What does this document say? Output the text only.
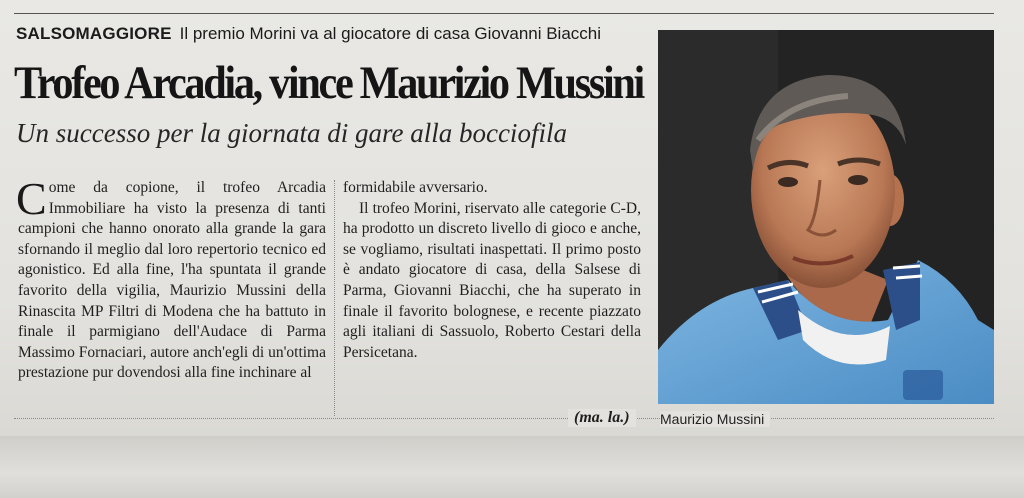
SALSOMAGGIORE Il premio Morini va al giocatore di casa Giovanni Biacchi
Trofeo Arcadia, vince Maurizio Mussini
Un successo per la giornata di gare alla bocciofila

Come da copione, il trofeo Arcadia Immobiliare ha visto la presenza di tanti campioni che hanno onorato alla grande la gara sfornando il meglio dal loro repertorio tecnico ed agonistico. Ed alla fine, l'ha spuntata il grande favorito della vigilia, Maurizio Mussini della Rinascita MP Filtri di Modena che ha battuto in finale il parmigiano dell'Audace di Parma Massimo Fornaciari, autore anch'egli di un'ottima prestazione pur dovendosi alla fine inchinare al

formidabile avversario.

Il trofeo Morini, riservato alle categorie C-D, ha prodotto un discreto livello di gioco e anche, se vogliamo, risultati inaspettati. Il primo posto è andato giocatore di casa, della Salsese di Parma, Giovanni Biacchi, che ha superato in finale il favorito bolognese, e recente piazzato agli italiani di Sassuolo, Roberto Cestari della Persicetana.

(ma. la.)	Maurizio Mussini
